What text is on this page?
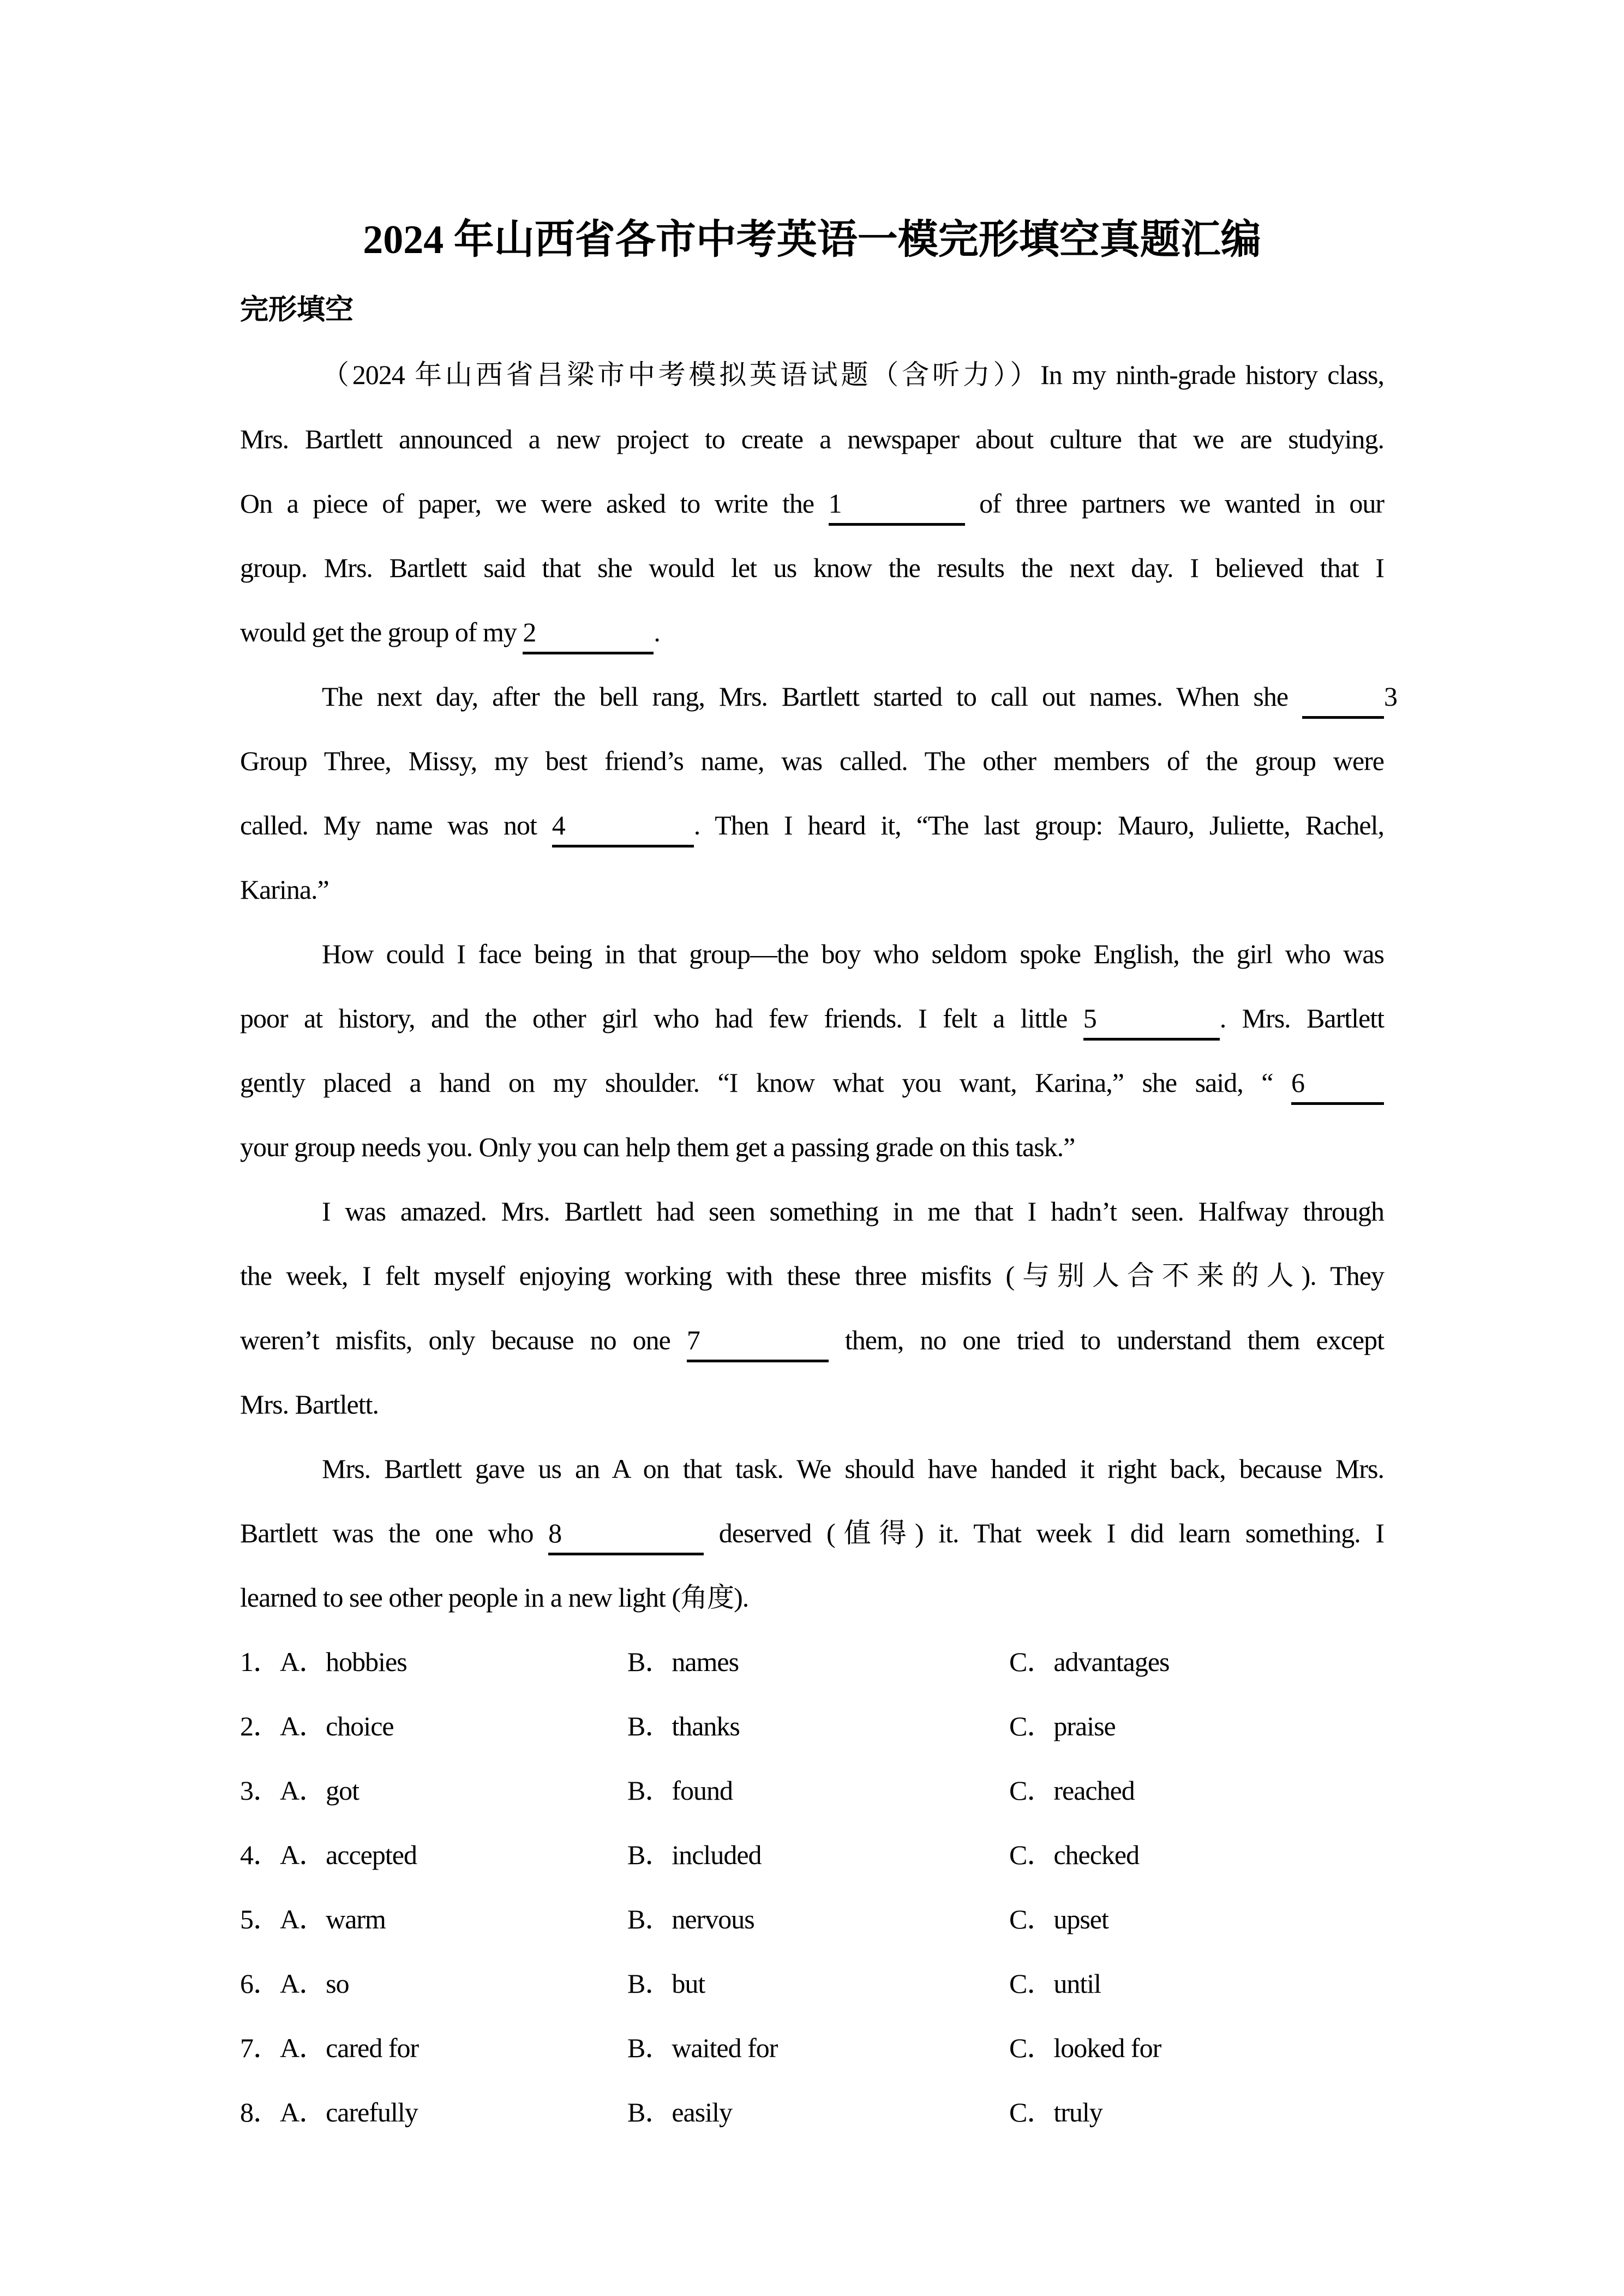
2024 年山西省各市中考英语一模完形填空真题汇编
完形填空

（2024 年山西省吕梁市中考模拟英语试题（含听力））In my ninth-grade history class,
Mrs. Bartlett announced a new project to create a newspaper about culture that we are studying.
On a piece of paper, we were asked to write the 1	of three partners we wanted in our
group. Mrs. Bartlett said that she would let us know the results the next day. I believed that I
would get the group of my 2	.

The next day, after the bell rang, Mrs. Bartlett started to call out names. When she	3
Group Three, Missy, my best friend’s name, was called. The other members of the group were
called. My name was not 4	. Then I heard it, “The last group: Mauro, Juliette, Rachel,
Karina.”

How could I face being in that group—the boy who seldom spoke English, the girl who was
poor at history, and the other girl who had few friends. I felt a little 5	. Mrs. Bartlett
gently placed a hand on my shoulder. “I know what you want, Karina,” she said, “ 6
your group needs you. Only you can help them get a passing grade on this task.”

I was amazed. Mrs. Bartlett had seen something in me that I hadn’t seen. Halfway through
the week, I felt myself enjoying working with these three misfits (与别人合不来的人). They
weren’t misfits, only because no one 7	them, no one tried to understand them except
Mrs. Bartlett.

Mrs. Bartlett gave us an A on that task. We should have handed it right back, because Mrs.
Bartlett was the one who 8	deserved (值得) it. That week I did learn something. I
learned to see other people in a new light (角度).

1．A．hobbies	B．names	C．advantages
2．A．choice	B．thanks	C．praise
3．A．got	B．found	C．reached
4．A．accepted	B．included	C．checked
5．A．warm	B．nervous	C．upset
6．A．so	B．but	C．until
7．A．cared for	B．waited for	C．looked for
8．A．carefully	B．easily	C．truly
